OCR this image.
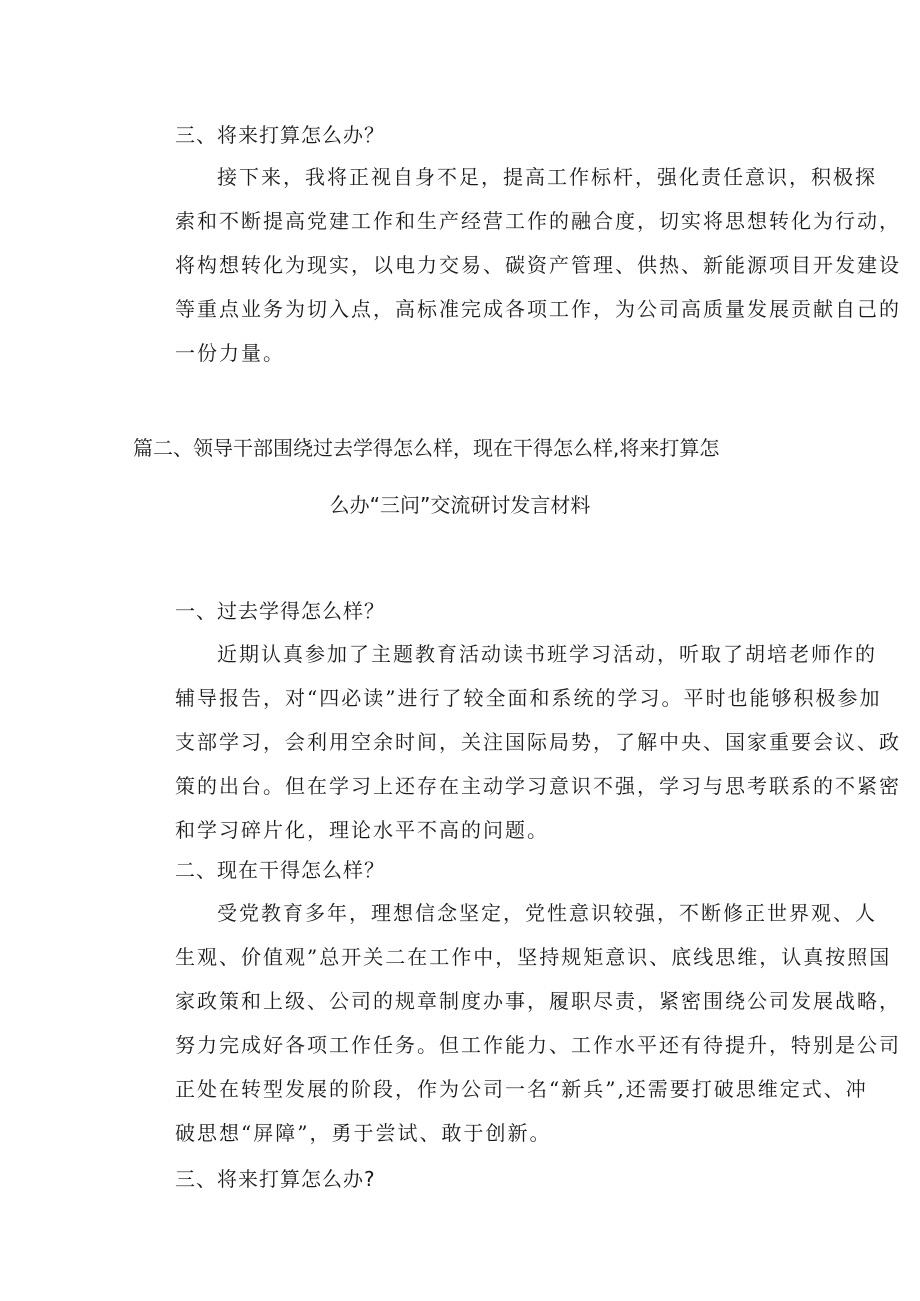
三、将来打算怎么办？

接下来，我将正视自身不足，提高工作标杆，强化责任意识，积极探
索和不断提高党建工作和生产经营工作的融合度，切实将思想转化为行动，
将构想转化为现实，以电力交易、碳资产管理、供热、新能源项目开发建设
等重点业务为切入点，高标准完成各项工作，为公司高质量发展贡献自己的
一份力量。

篇二、领导干部围绕过去学得怎么样，现在干得怎么样,将来打算怎

么办“三问”交流研讨发言材料

一、过去学得怎么样？

近期认真参加了主题教育活动读书班学习活动，听取了胡培老师作的
辅导报告，对“四必读”进行了较全面和系统的学习。平时也能够积极参加
支部学习，会利用空余时间，关注国际局势，了解中央、国家重要会议、政
策的出台。但在学习上还存在主动学习意识不强，学习与思考联系的不紧密
和学习碎片化，理论水平不高的问题。

二、现在干得怎么样？

受党教育多年，理想信念坚定，党性意识较强，不断修正世界观、人
生观、价值观”总开关二在工作中，坚持规矩意识、底线思维，认真按照国
家政策和上级、公司的规章制度办事，履职尽责，紧密围绕公司发展战略，
努力完成好各项工作任务。但工作能力、工作水平还有待提升，特别是公司
正处在转型发展的阶段，作为公司一名“新兵”,还需要打破思维定式、冲
破思想“屏障”，勇于尝试、敢于创新。

三、将来打算怎么办?
